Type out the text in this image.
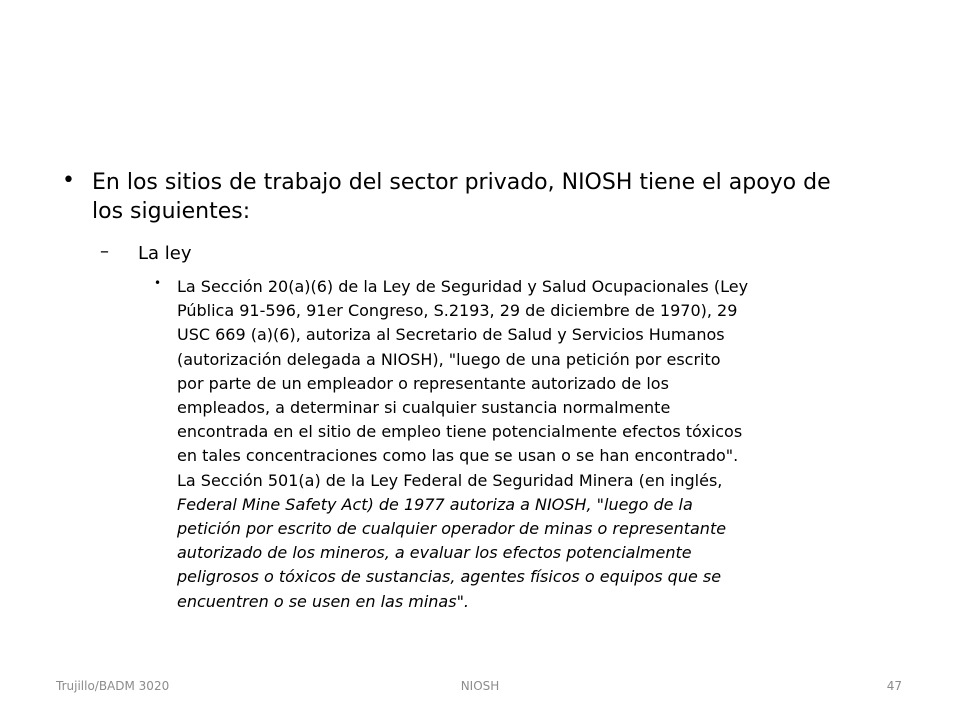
• En los sitios de trabajo del sector privado, NIOSH tiene el apoyo de los siguientes:
– La ley
• La Sección 20(a)(6) de la Ley de Seguridad y Salud Ocupacionales (Ley
Pública 91-596, 91er Congreso, S.2193, 29 de diciembre de 1970), 29
USC 669 (a)(6), autoriza al Secretario de Salud y Servicios Humanos
(autorización delegada a NIOSH), "luego de una petición por escrito
por parte de un empleador o representante autorizado de los
empleados, a determinar si cualquier sustancia normalmente
encontrada en el sitio de empleo tiene potencialmente efectos tóxicos
en tales concentraciones como las que se usan o se han encontrado".
La Sección 501(a) de la Ley Federal de Seguridad Minera (en inglés,
Federal Mine Safety Act) de 1977 autoriza a NIOSH, "luego de la
petición por escrito de cualquier operador de minas o representante
autorizado de los mineros, a evaluar los efectos potencialmente
peligrosos o tóxicos de sustancias, agentes físicos o equipos que se
encuentren o se usen en las minas".
Trujillo/BADM 3020	NIOSH	47
